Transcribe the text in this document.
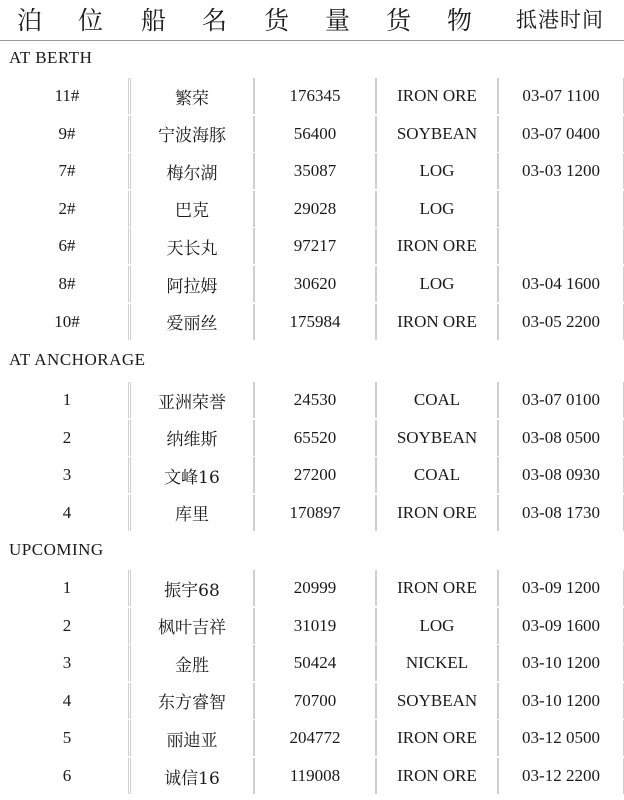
泊 位 船 名 货 量 货 物	抵港时间
AT BERTH
11#	繁荣	176345	IRON ORE	03-07 1100
9#	宁波海豚	56400	SOYBEAN	03-07 0400
7#	梅尔湖	35087	LOG	03-03 1200
2#	巴克	29028	LOG
6#	天长丸	97217	IRON ORE
8#	阿拉姆	30620	LOG	03-04 1600
10#	爱丽丝	175984	IRON ORE	03-05 2200
AT ANCHORAGE
1	亚洲荣誉	24530	COAL	03-07 0100
2	纳维斯	65520	SOYBEAN	03-08 0500
3	文峰16	27200	COAL	03-08 0930
4	库里	170897	IRON ORE	03-08 1730
UPCOMING
1	振宇68	20999	IRON ORE	03-09 1200
2	枫叶吉祥	31019	LOG	03-09 1600
3	金胜	50424	NICKEL	03-10 1200
4	东方睿智	70700	SOYBEAN	03-10 1200
5	丽迪亚	204772	IRON ORE	03-12 0500
6	诚信16	119008	IRON ORE	03-12 2200
